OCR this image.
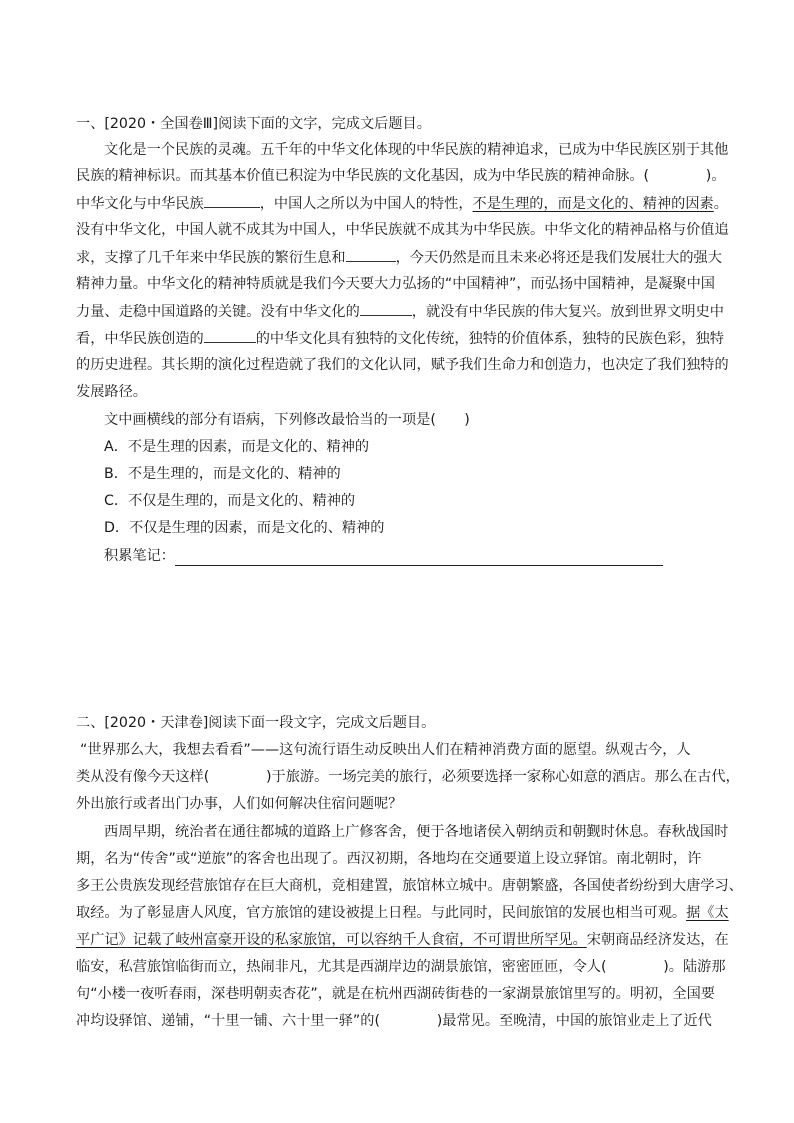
一、[2020・全国卷Ⅲ]阅读下面的文字，完成文后题目。
文化是一个民族的灵魂。五千年的中华文化体现的中华民族的精神追求，已成为中华民族区别于其他
民族的精神标识。而其基本价值已积淀为中华民族的文化基因，成为中华民族的精神命脉。(　　　　)。
中华文化与中华民族	，中国人之所以为中国人的特性，不是生理的，而是文化的、精神的因素。
没有中华文化，中国人就不成其为中国人，中华民族就不成其为中华民族。中华文化的精神品格与价值追
求，支撑了几千年来中华民族的繁衍生息和	，今天仍然是而且未来必将还是我们发展壮大的强大
精神力量。中华文化的精神特质就是我们今天要大力弘扬的“中国精神”，而弘扬中国精神，是凝聚中国
力量、走稳中国道路的关键。没有中华文化的	，就没有中华民族的伟大复兴。放到世界文明史中
看，中华民族创造的	的中华文化具有独特的文化传统，独特的价值体系，独特的民族色彩，独特
的历史进程。其长期的演化过程造就了我们的文化认同，赋予我们生命力和创造力，也决定了我们独特的
发展路径。
文中画横线的部分有语病，下列修改最恰当的一项是(　　)
A．不是生理的因素，而是文化的、精神的
B．不是生理的，而是文化的、精神的
C．不仅是生理的，而是文化的、精神的
D．不仅是生理的因素，而是文化的、精神的
积累笔记：
二、[2020・天津卷]阅读下面一段文字，完成文后题目。
“世界那么大，我想去看看”——这句流行语生动反映出人们在精神消费方面的愿望。纵观古今，人
类从没有像今天这样(　　　　	)于旅游。一场完美的旅行，必须要选择一家称心如意的酒店。那么在古代，
外出旅行或者出门办事，人们如何解决住宿问题呢？
西周早期，统治者在通往都城的道路上广修客舍，便于各地诸侯入朝纳贡和朝觐时休息。春秋战国时
期，名为“传舍”或“逆旅”的客舍也出现了。西汉初期，各地均在交通要道上设立驿馆。南北朝时，许
多王公贵族发现经营旅馆存在巨大商机，竞相建置，旅馆林立城中。唐朝繁盛，各国使者纷纷到大唐学习、
取经。为了彰显唐人风度，官方旅馆的建设被提上日程。与此同时，民间旅馆的发展也相当可观。据《太
平广记》记载了岐州富豪开设的私家旅馆，可以容纳千人食宿，不可谓世所罕见。宋朝商品经济发达，在
临安，私营旅馆临街而立，热闹非凡，尤其是西湖岸边的湖景旅馆，密密匝匝，令人(　　　　	)。陆游那
句“小楼一夜听春雨，深巷明朝卖杏花”，就是在杭州西湖砖街巷的一家湖景旅馆里写的。明初，全国要
冲均设驿馆、递铺，“十里一铺、六十里一驿”的(　　　　	)最常见。至晚清，中国的旅馆业走上了近代
